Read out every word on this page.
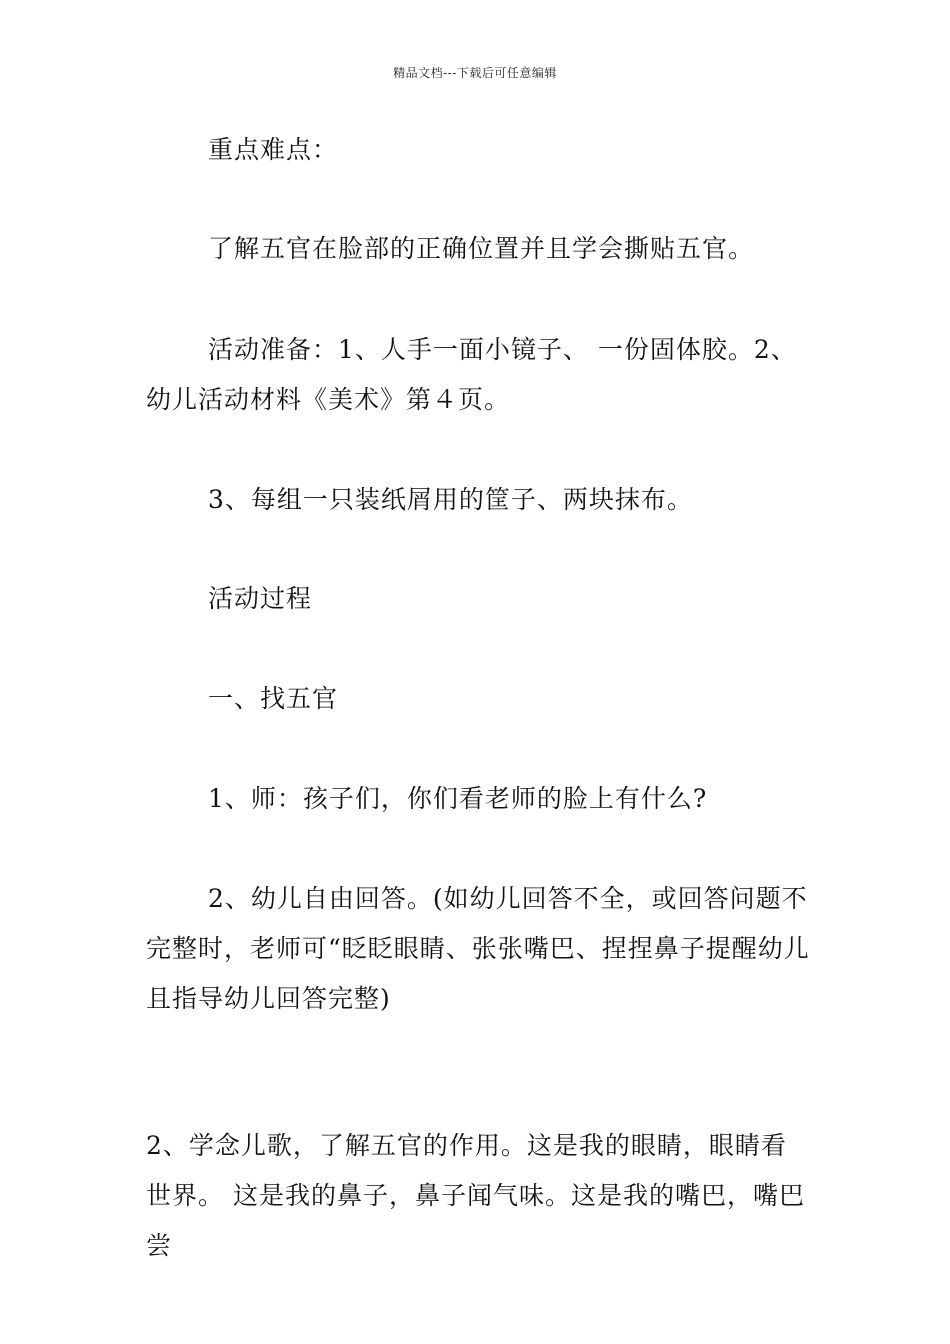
精品文档---下载后可任意编辑

重点难点：

了解五官在脸部的正确位置并且学会撕贴五官。

活动准备：1、人手一面小镜子、 一份固体胶。2、幼儿活动材料《美术》第４页。

3、每组一只装纸屑用的筐子、两块抹布。

活动过程

一、找五官

1、师：孩子们，你们看老师的脸上有什么?

2、幼儿自由回答。(如幼儿回答不全，或回答问题不完整时，老师可“眨眨眼睛、张张嘴巴、捏捏鼻子提醒幼儿且指导幼儿回答完整)

2、学念儿歌，了解五官的作用。这是我的眼睛，眼睛看世界。 这是我的鼻子，鼻子闻气味。这是我的嘴巴，嘴巴尝
